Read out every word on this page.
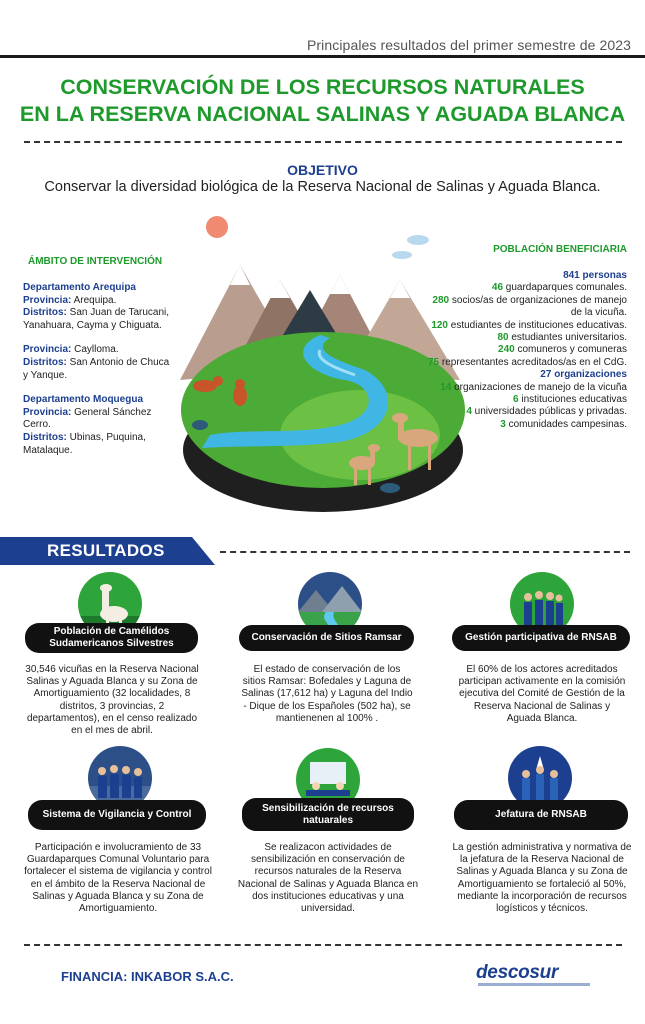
Principales resultados del primer semestre de 2023
CONSERVACIÓN DE LOS RECURSOS NATURALES
EN LA RESERVA NACIONAL SALINAS Y AGUADA BLANCA
OBJETIVO
Conservar la diversidad biológica de la Reserva Nacional de Salinas y Aguada Blanca.
ÁMBITO DE INTERVENCIÓN
Departamento Arequipa
Provincia: Arequipa.
Distritos: San Juan de Tarucani, Yanahuara, Cayma y Chiguata.
Provincia: Caylloma.
Distritos: San Antonio de Chuca y Yanque.
Departamento Moquegua
Provincia: General Sánchez Cerro.
Distritos: Ubinas, Puquina, Matalaque.
POBLACIÓN BENEFICIARIA
841 personas
46 guardaparques comunales.
280 socios/as de organizaciones de manejo de la vicuña.
120 estudiantes de instituciones educativas.
80 estudiantes universitarios.
240 comuneros y comuneras
75 representantes acreditados/as en el CdG.
27 organizaciones
14 organizaciones de manejo de la vicuña
6 instituciones educativas
4 universidades públicas y privadas.
3 comunidades campesinas.
RESULTADOS
Población de Camélidos Sudamericanos Silvestres
Conservación de Sitios Ramsar	Gestión participativa de RNSAB
30,546 vicuñas en la Reserva Nacional Salinas y Aguada Blanca y su Zona de Amortiguamiento (32 localidades, 8 distritos, 3 provincias, 2 departamentos), en el censo realizado en el mes de abril.
El estado de conservación de los sitios Ramsar: Bofedales y Laguna de Salinas (17,612 ha) y Laguna del Indio - Dique de los Españoles (502 ha), se mantienenen al 100% .
El 60% de los actores acreditados participan activamente en la comisión ejecutiva del Comité de Gestión de la Reserva Nacional de Salinas y Aguada Blanca.
Sistema de Vigilancia y Control
Sensibilización de recursos natuarales	Jefatura de RNSAB
Participación e involucramiento de 33 Guardaparques Comunal Voluntario para fortalecer el sistema de vigilancia y control en el ámbito de la Reserva Nacional de Salinas y Aguada Blanca y su Zona de Amortiguamiento.
Se realizacon actividades de sensibilización en conservación de recursos naturales de la Reserva Nacional de Salinas y Aguada Blanca en dos instituciones educativas y una universidad.
La gestión administrativa y normativa de la jefatura de la Reserva Nacional de Salinas y Aguada Blanca y su Zona de Amortiguamiento se fortaleció al 50%, mediante la incorporación de recursos logísticos y técnicos.
FINANCIA: INKABOR S.A.C.	descosur
